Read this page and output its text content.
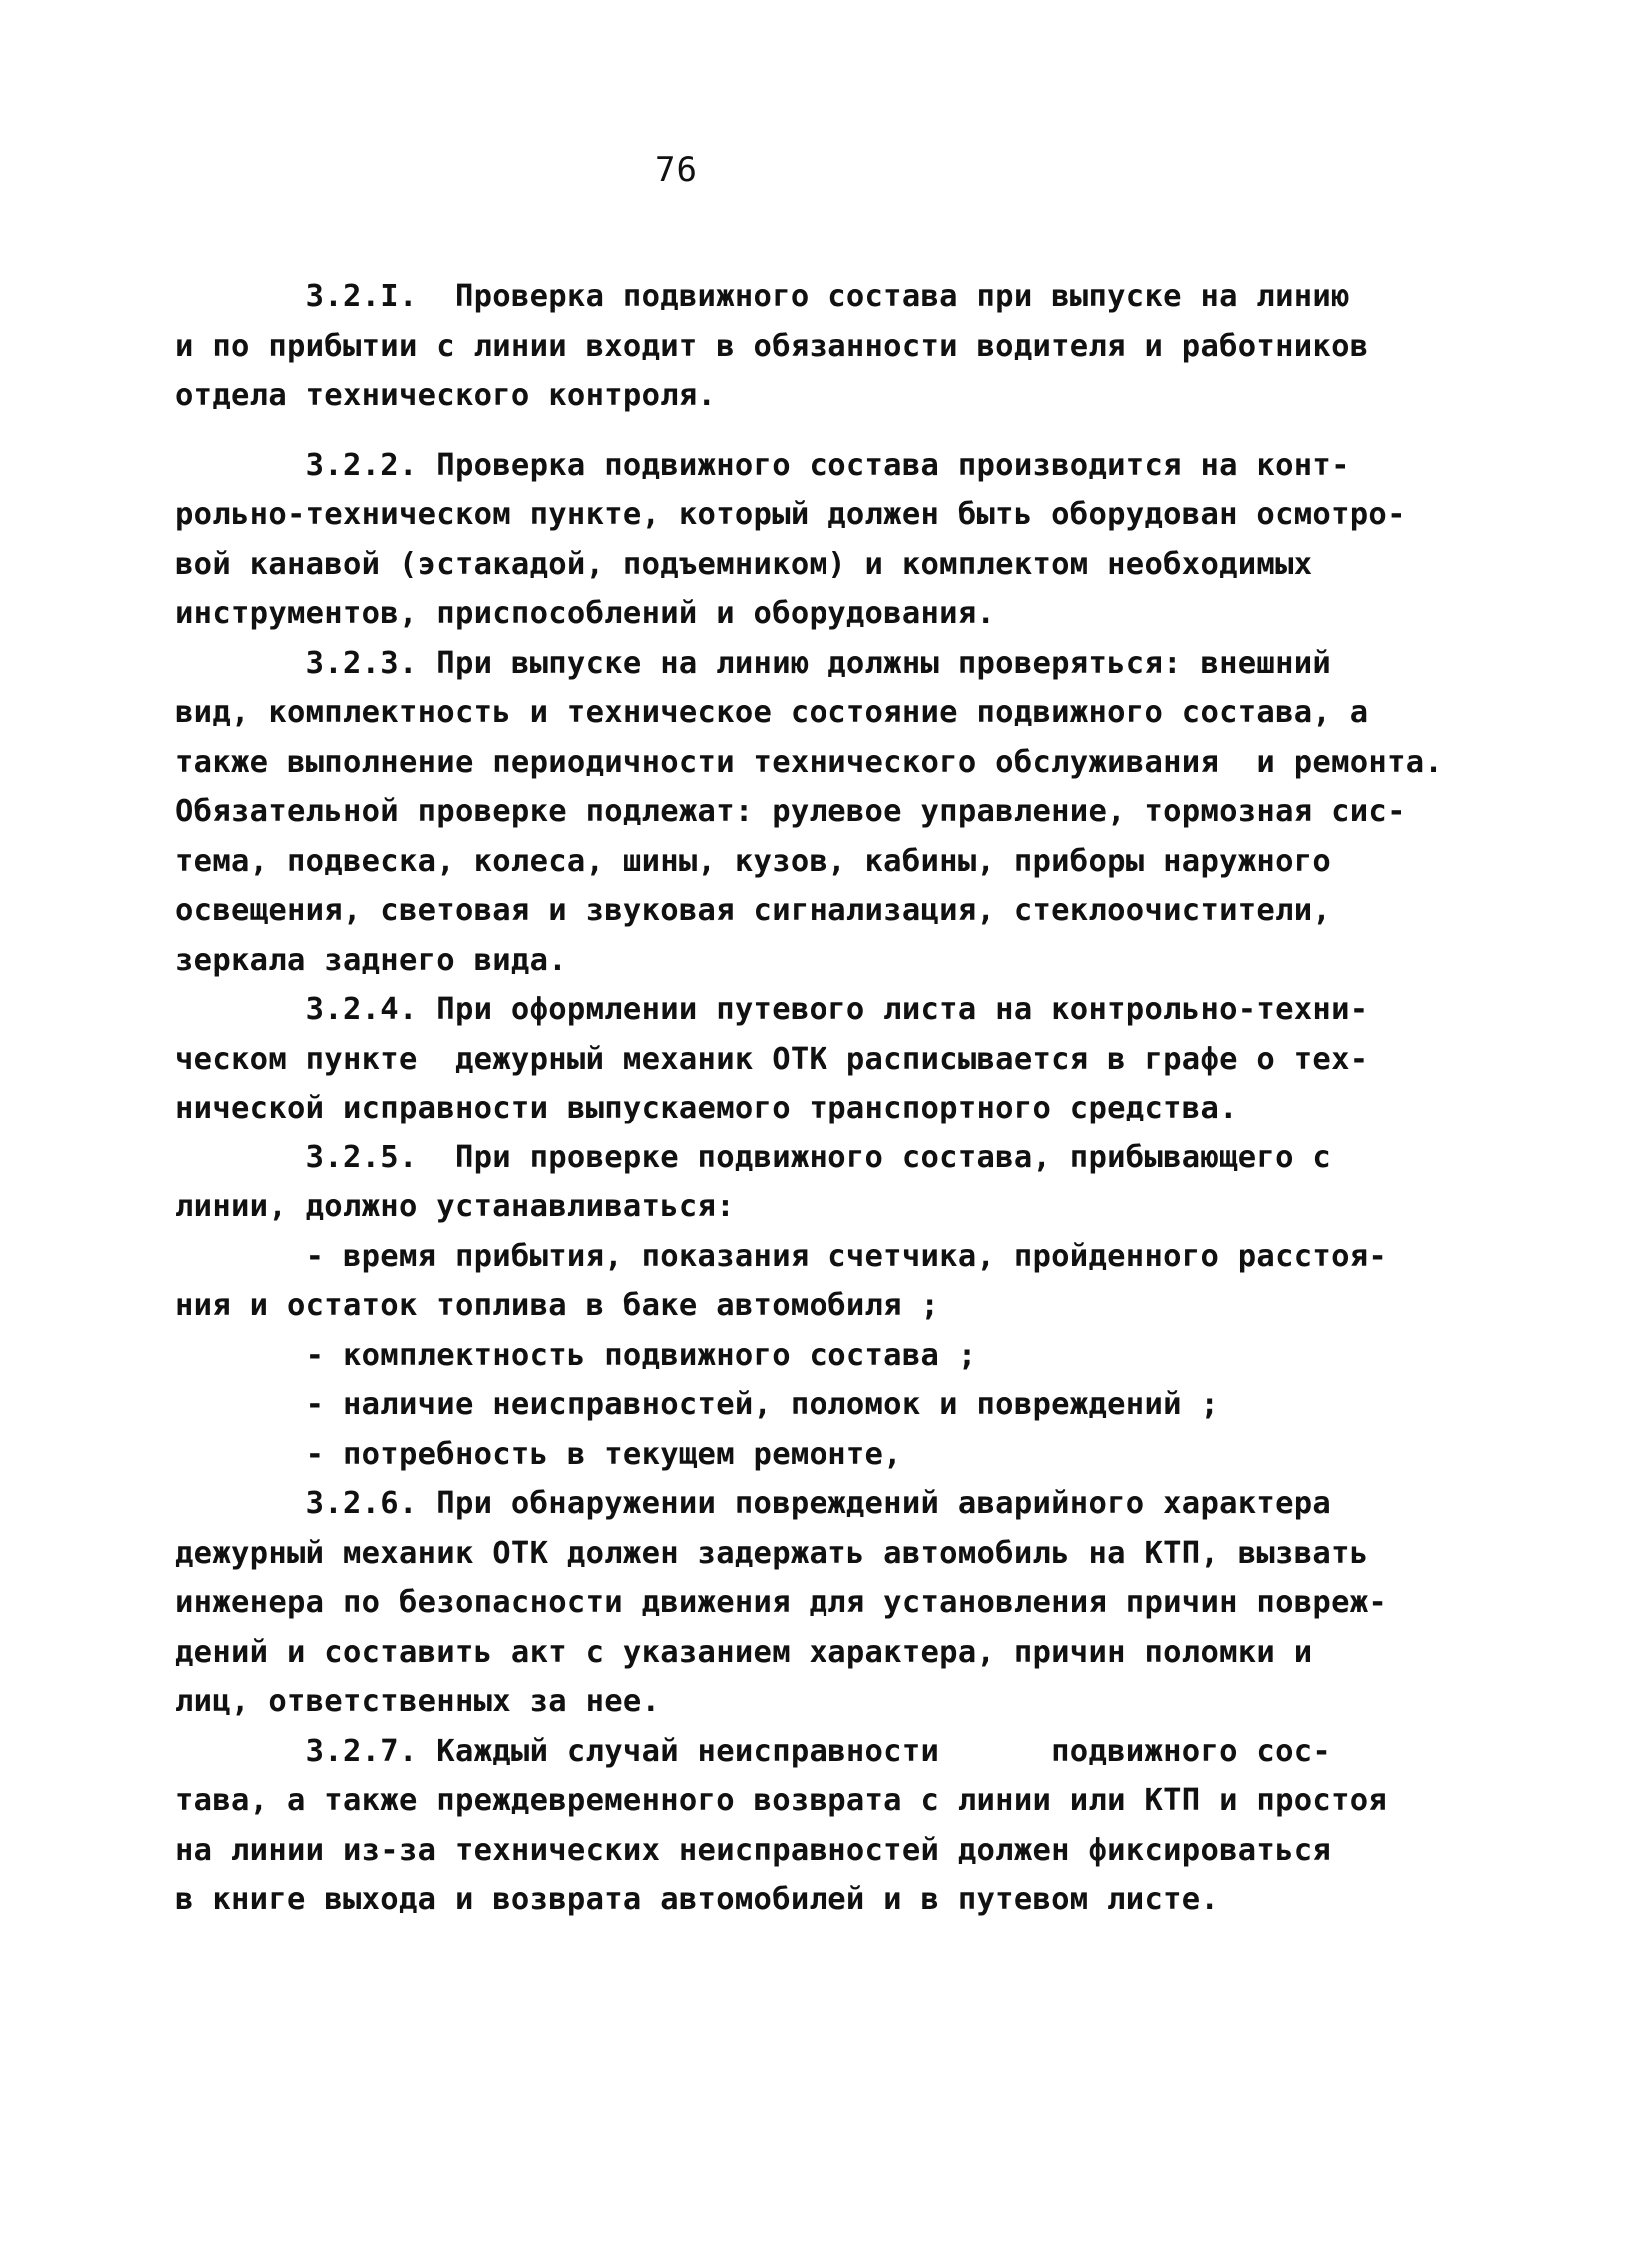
76
3.2.I.  Проверка подвижного состава при выпуске на линию
и по прибытии с линии входит в обязанности водителя и работников
отдела технического контроля.
3.2.2. Проверка подвижного состава производится на конт-
рольно-техническом пункте, который должен быть оборудован осмотро-
вой канавой (эстакадой, подъемником) и комплектом необходимых
инструментов, приспособлений и оборудования.
3.2.3. При выпуске на линию должны проверяться: внешний
вид, комплектность и техническое состояние подвижного состава, а
также выполнение периодичности технического обслуживания  и ремонта.
Обязательной проверке подлежат: рулевое управление, тормозная сис-
тема, подвеска, колеса, шины, кузов, кабины, приборы наружного
освещения, световая и звуковая сигнализация, стеклоочистители,
зеркала заднего вида.
3.2.4. При оформлении путевого листа на контрольно-техни-
ческом пункте  дежурный механик ОТК расписывается в графе о тех-
нической исправности выпускаемого транспортного средства.
3.2.5.  При проверке подвижного состава, прибывающего с
линии, должно устанавливаться:
- время прибытия, показания счетчика, пройденного расстоя-
ния и остаток топлива в баке автомобиля ;
- комплектность подвижного состава ;
- наличие неисправностей, поломок и повреждений ;
- потребность в текущем ремонте,
3.2.6. При обнаружении повреждений аварийного характера
дежурный механик ОТК должен задержать автомобиль на КТП, вызвать
инженера по безопасности движения для установления причин повреж-
дений и составить акт с указанием характера, причин поломки и
лиц, ответственных за нее.
3.2.7. Каждый случай неисправности      подвижного сос-
тава, а также преждевременного возврата с линии или КТП и простоя
на линии из-за технических неисправностей должен фиксироваться
в книге выхода и возврата автомобилей и в путевом листе.
